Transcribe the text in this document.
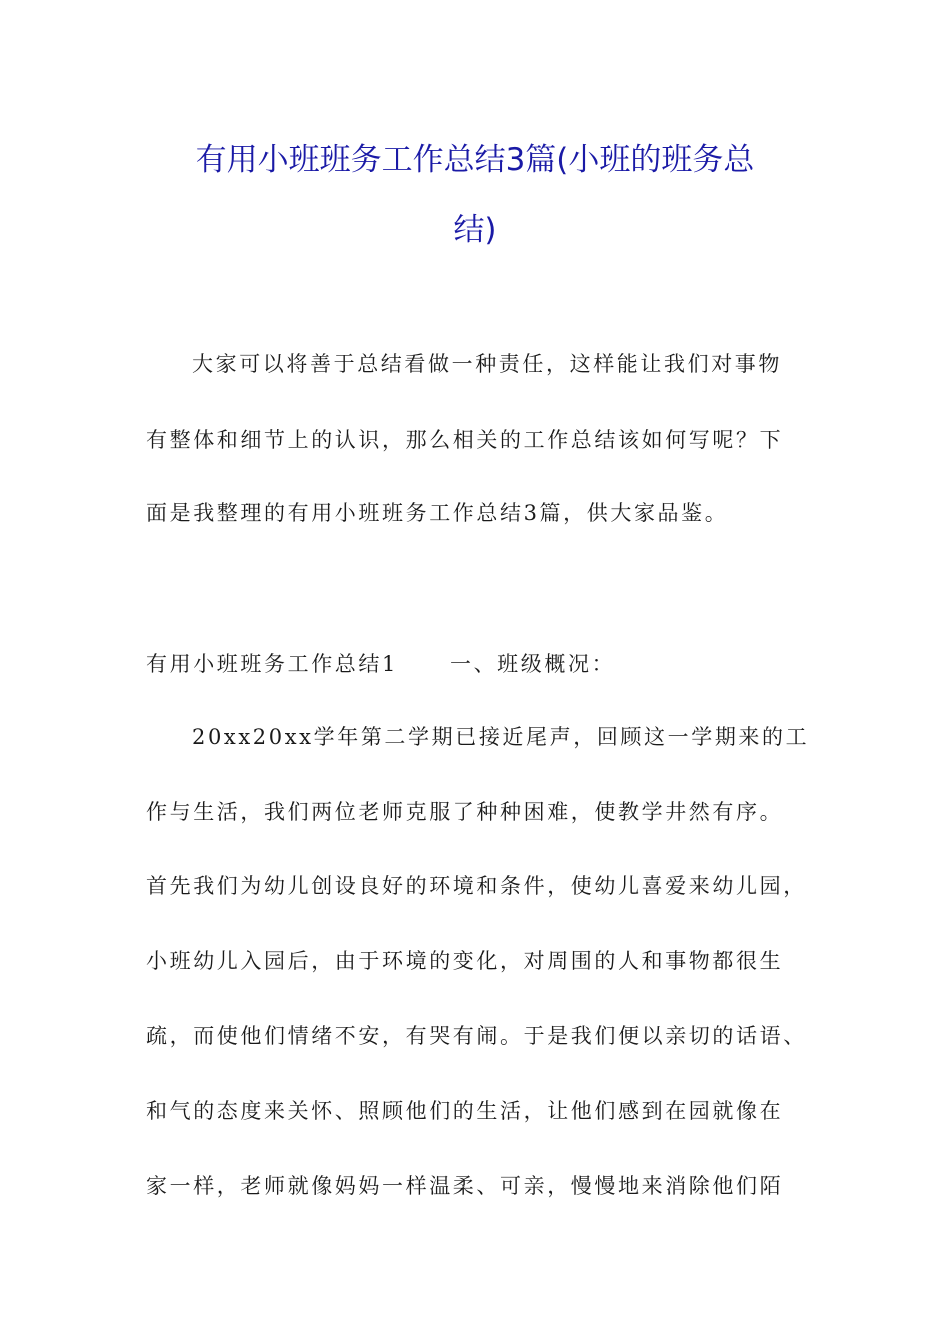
有用小班班务工作总结3篇(小班的班务总
结)

大家可以将善于总结看做一种责任，这样能让我们对事物

有整体和细节上的认识，那么相关的工作总结该如何写呢？下

面是我整理的有用小班班务工作总结3篇，供大家品鉴。

有用小班班务工作总结1 一、班级概况：

20xx20xx学年第二学期已接近尾声，回顾这一学期来的工

作与生活，我们两位老师克服了种种困难，使教学井然有序。

首先我们为幼儿创设良好的环境和条件，使幼儿喜爱来幼儿园，

小班幼儿入园后，由于环境的变化，对周围的人和事物都很生

疏，而使他们情绪不安，有哭有闹。于是我们便以亲切的话语、

和气的态度来关怀、照顾他们的生活，让他们感到在园就像在

家一样，老师就像妈妈一样温柔、可亲，慢慢地来消除他们陌
